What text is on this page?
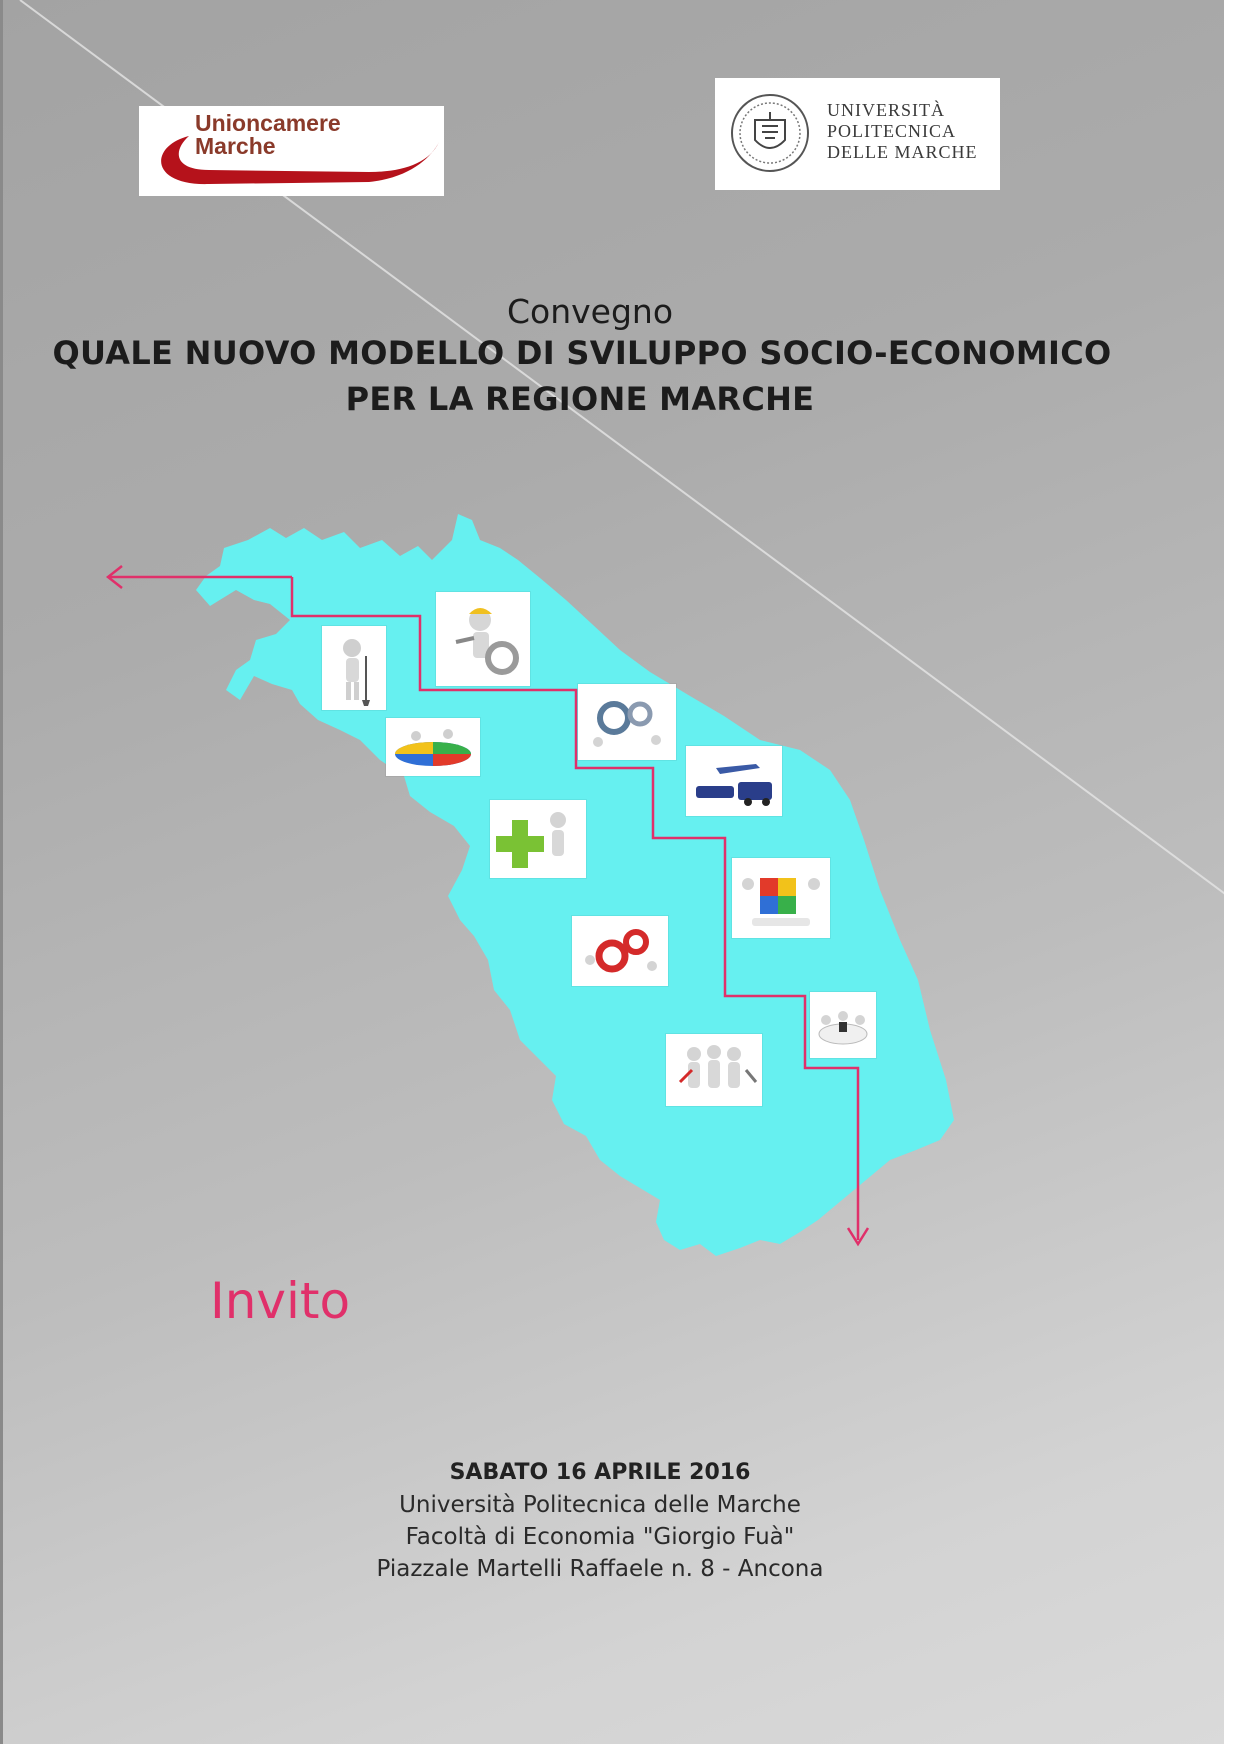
Unioncamere
Marche
UNIVERSITÀ
POLITECNICA
DELLE MARCHE
Convegno
QUALE NUOVO MODELLO DI SVILUPPO SOCIO-ECONOMICO
PER LA REGIONE MARCHE
Invito
SABATO 16 APRILE 2016
Università Politecnica delle Marche
Facoltà di Economia "Giorgio Fuà"
Piazzale Martelli Raffaele n. 8 - Ancona
